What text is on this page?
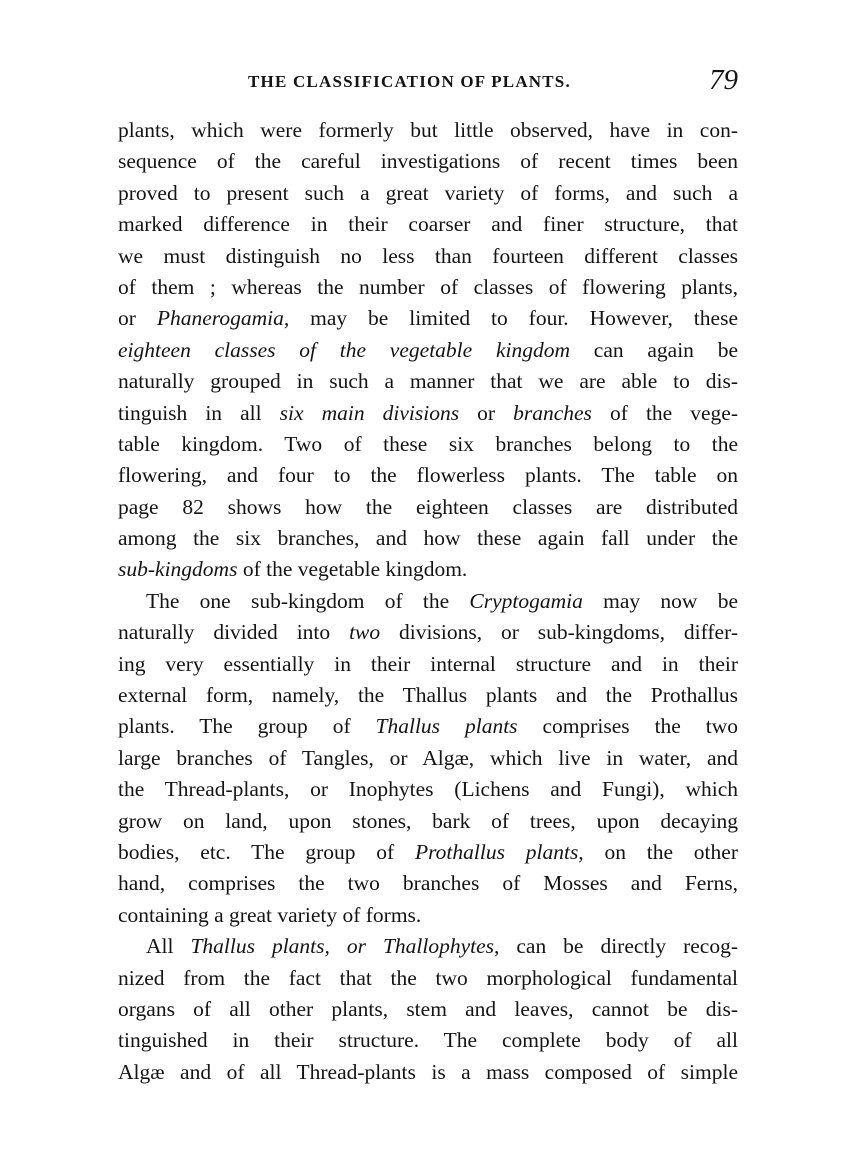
THE CLASSIFICATION OF PLANTS.	79
plants, which were formerly but little observed, have in con-
sequence of the careful investigations of recent times been
proved to present such a great variety of forms, and such a
marked difference in their coarser and finer structure, that
we must distinguish no less than fourteen different classes
of them ; whereas the number of classes of flowering plants,
or Phanerogamia, may be limited to four. However, these
eighteen classes of the vegetable kingdom can again be
naturally grouped in such a manner that we are able to dis-
tinguish in all six main divisions or branches of the vege-
table kingdom. Two of these six branches belong to the
flowering, and four to the flowerless plants. The table on
page 82 shows how the eighteen classes are distributed
among the six branches, and how these again fall under the
sub-kingdoms of the vegetable kingdom.
The one sub-kingdom of the Cryptogamia may now be
naturally divided into two divisions, or sub-kingdoms, differ-
ing very essentially in their internal structure and in their
external form, namely, the Thallus plants and the Prothallus
plants. The group of Thallus plants comprises the two
large branches of Tangles, or Algæ, which live in water, and
the Thread-plants, or Inophytes (Lichens and Fungi), which
grow on land, upon stones, bark of trees, upon decaying
bodies, etc. The group of Prothallus plants, on the other
hand, comprises the two branches of Mosses and Ferns,
containing a great variety of forms.
All Thallus plants, or Thallophytes, can be directly recog-
nized from the fact that the two morphological fundamental
organs of all other plants, stem and leaves, cannot be dis-
tinguished in their structure. The complete body of all
Algæ and of all Thread-plants is a mass composed of simple
